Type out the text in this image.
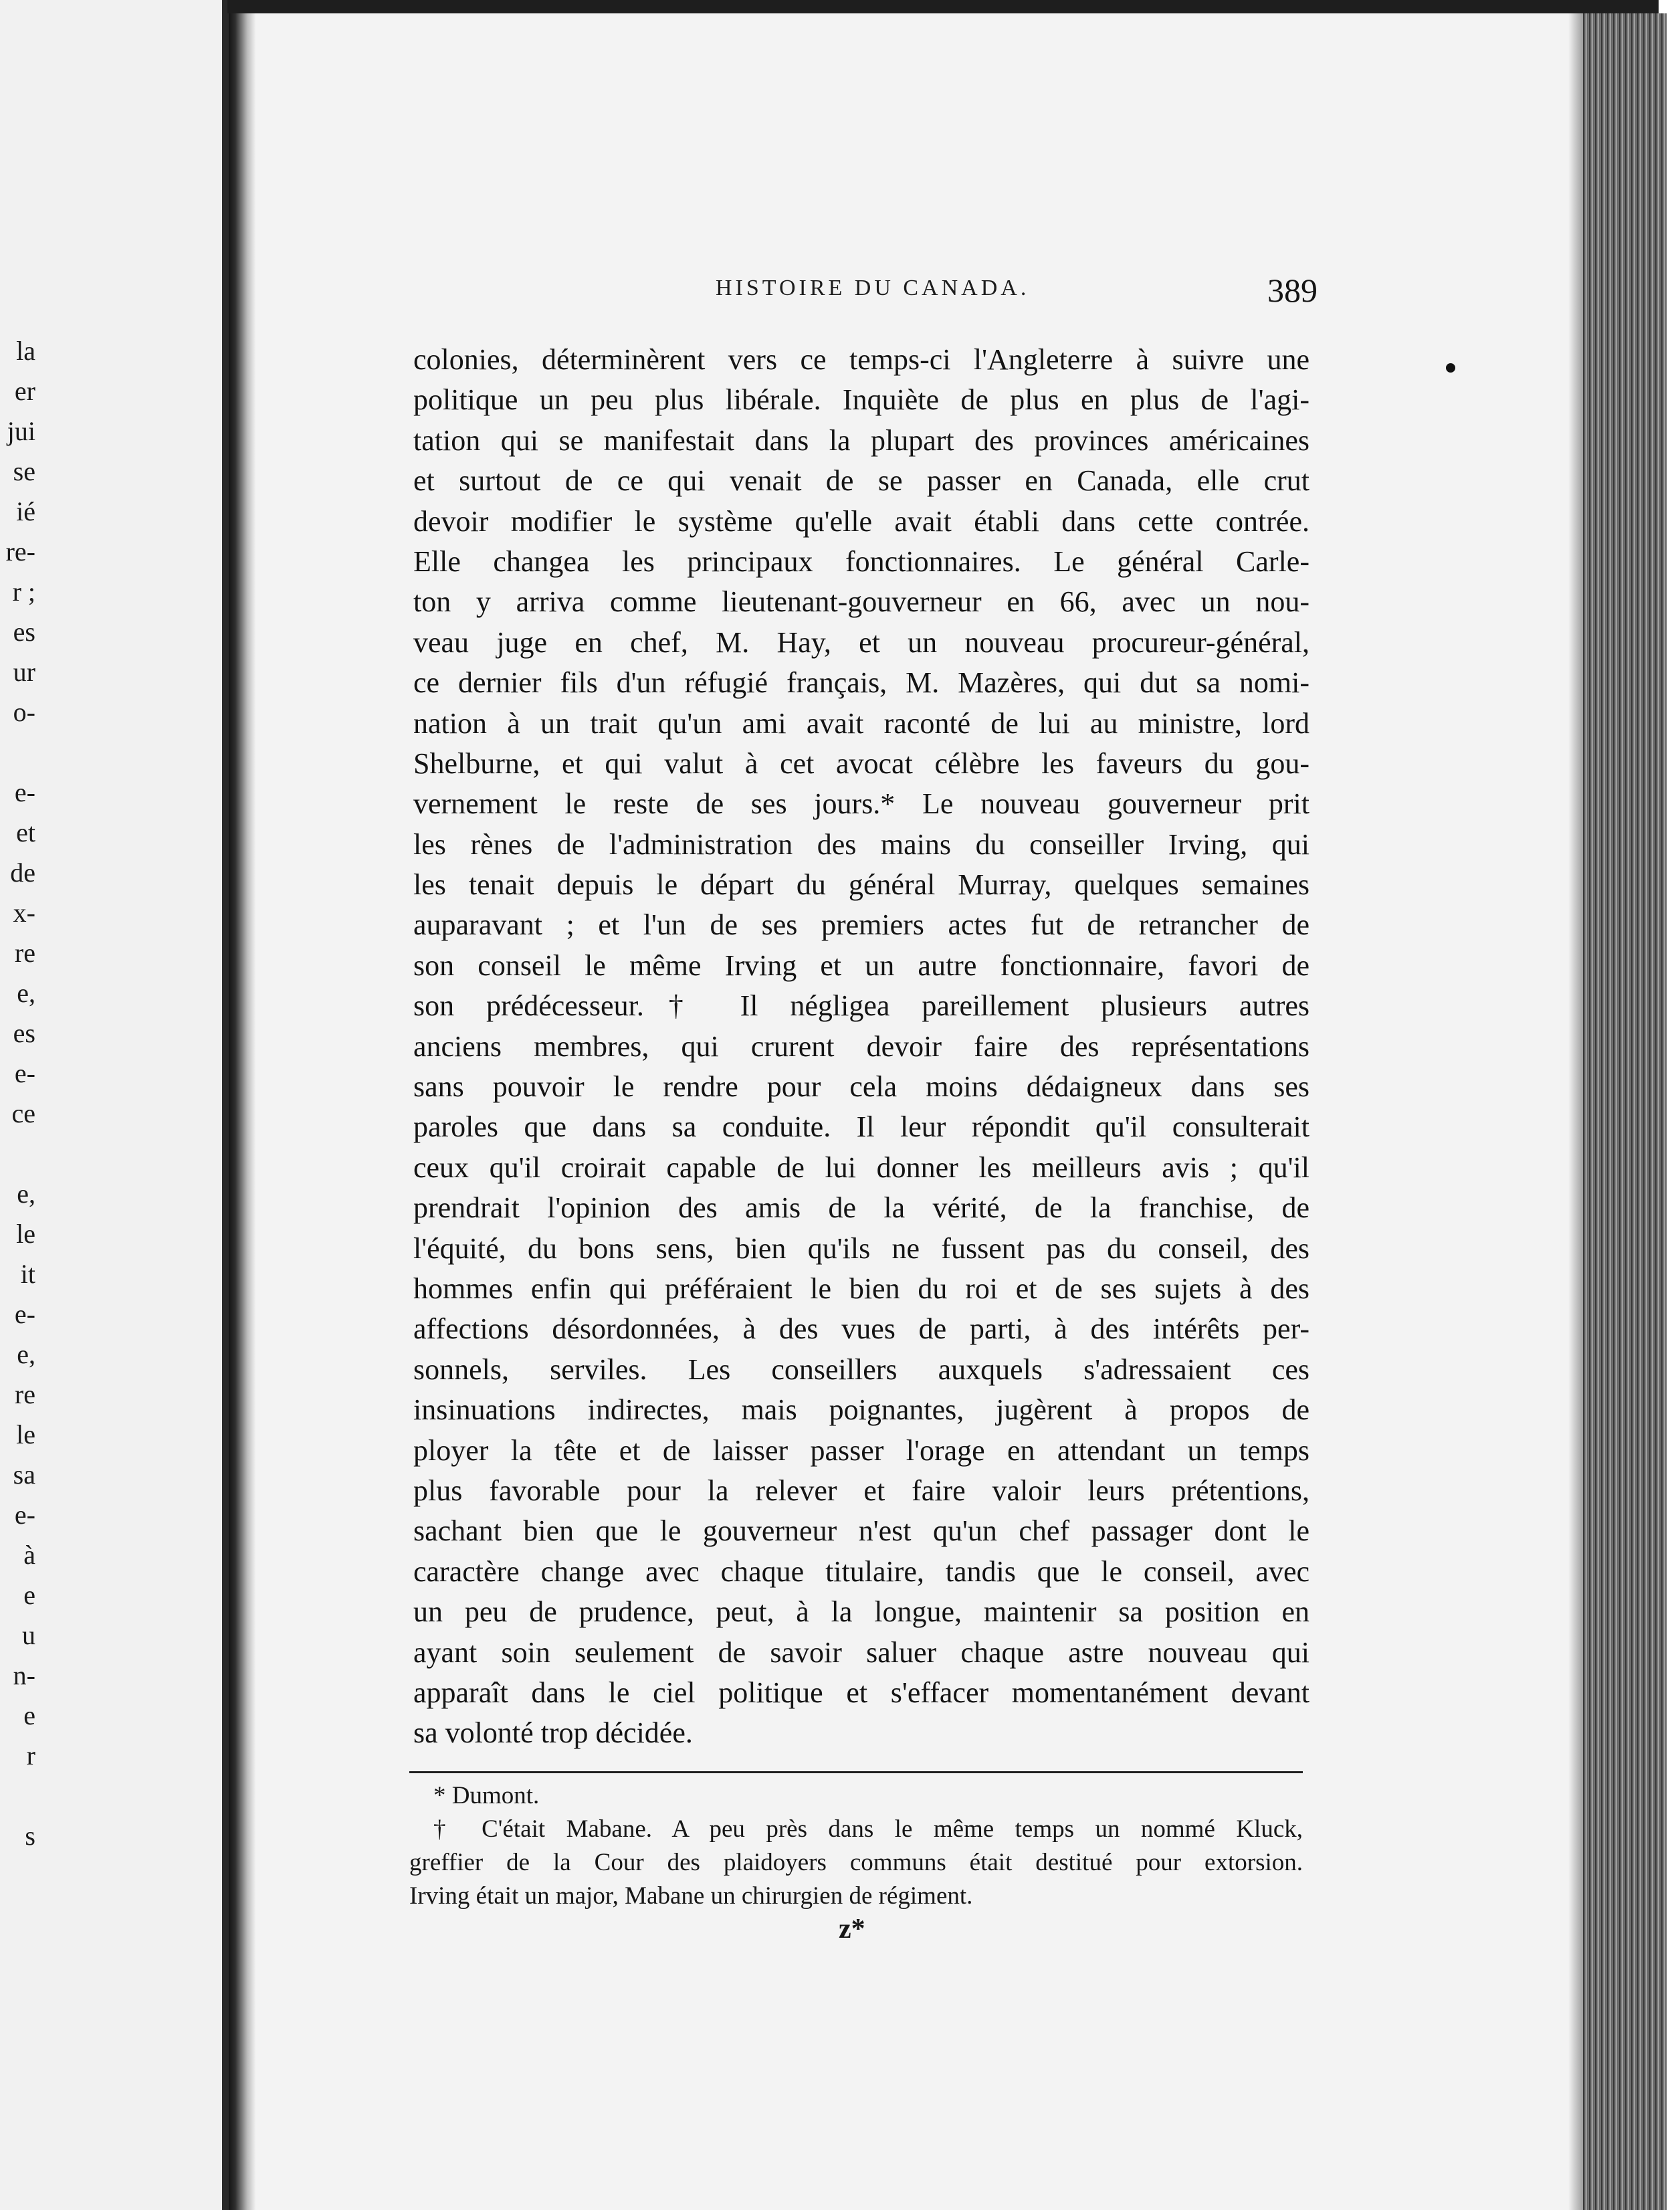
la
er
jui
se
ié
re-
r ;
es
ur
o-
e-
et
de
x-
re
e,
es
e-
ce
e,
le
it
e-
e,
re
le
sa
e-
à
e
u
n-
e
r
s
HISTOIRE DU CANADA.	389
colonies, déterminèrent vers ce temps-ci l'Angleterre à suivre une
politique un peu plus libérale. Inquiète de plus en plus de l'agi-
tation qui se manifestait dans la plupart des provinces américaines
et surtout de ce qui venait de se passer en Canada, elle crut
devoir modifier le système qu'elle avait établi dans cette contrée.
Elle changea les principaux fonctionnaires. Le général Carle-
ton y arriva comme lieutenant-gouverneur en 66, avec un nou-
veau juge en chef, M. Hay, et un nouveau procureur-général,
ce dernier fils d'un réfugié français, M. Mazères, qui dut sa nomi-
nation à un trait qu'un ami avait raconté de lui au ministre, lord
Shelburne, et qui valut à cet avocat célèbre les faveurs du gou-
vernement le reste de ses jours.* Le nouveau gouverneur prit
les rènes de l'administration des mains du conseiller Irving, qui
les tenait depuis le départ du général Murray, quelques semaines
auparavant ; et l'un de ses premiers actes fut de retrancher de
son conseil le même Irving et un autre fonctionnaire, favori de
son prédécesseur.† Il négligea pareillement plusieurs autres
anciens membres, qui crurent devoir faire des représentations
sans pouvoir le rendre pour cela moins dédaigneux dans ses
paroles que dans sa conduite. Il leur répondit qu'il consulterait
ceux qu'il croirait capable de lui donner les meilleurs avis ; qu'il
prendrait l'opinion des amis de la vérité, de la franchise, de
l'équité, du bons sens, bien qu'ils ne fussent pas du conseil, des
hommes enfin qui préféraient le bien du roi et de ses sujets à des
affections désordonnées, à des vues de parti, à des intérêts per-
sonnels, serviles. Les conseillers auxquels s'adressaient ces
insinuations indirectes, mais poignantes, jugèrent à propos de
ployer la tête et de laisser passer l'orage en attendant un temps
plus favorable pour la relever et faire valoir leurs prétentions,
sachant bien que le gouverneur n'est qu'un chef passager dont le
caractère change avec chaque titulaire, tandis que le conseil, avec
un peu de prudence, peut, à la longue, maintenir sa position en
ayant soin seulement de savoir saluer chaque astre nouveau qui
apparaît dans le ciel politique et s'effacer momentanément devant
sa volonté trop décidée.
* Dumont.
† C'était Mabane. A peu près dans le même temps un nommé Kluck,
greffier de la Cour des plaidoyers communs était destitué pour extorsion.
Irving était un major, Mabane un chirurgien de régiment.
z*
